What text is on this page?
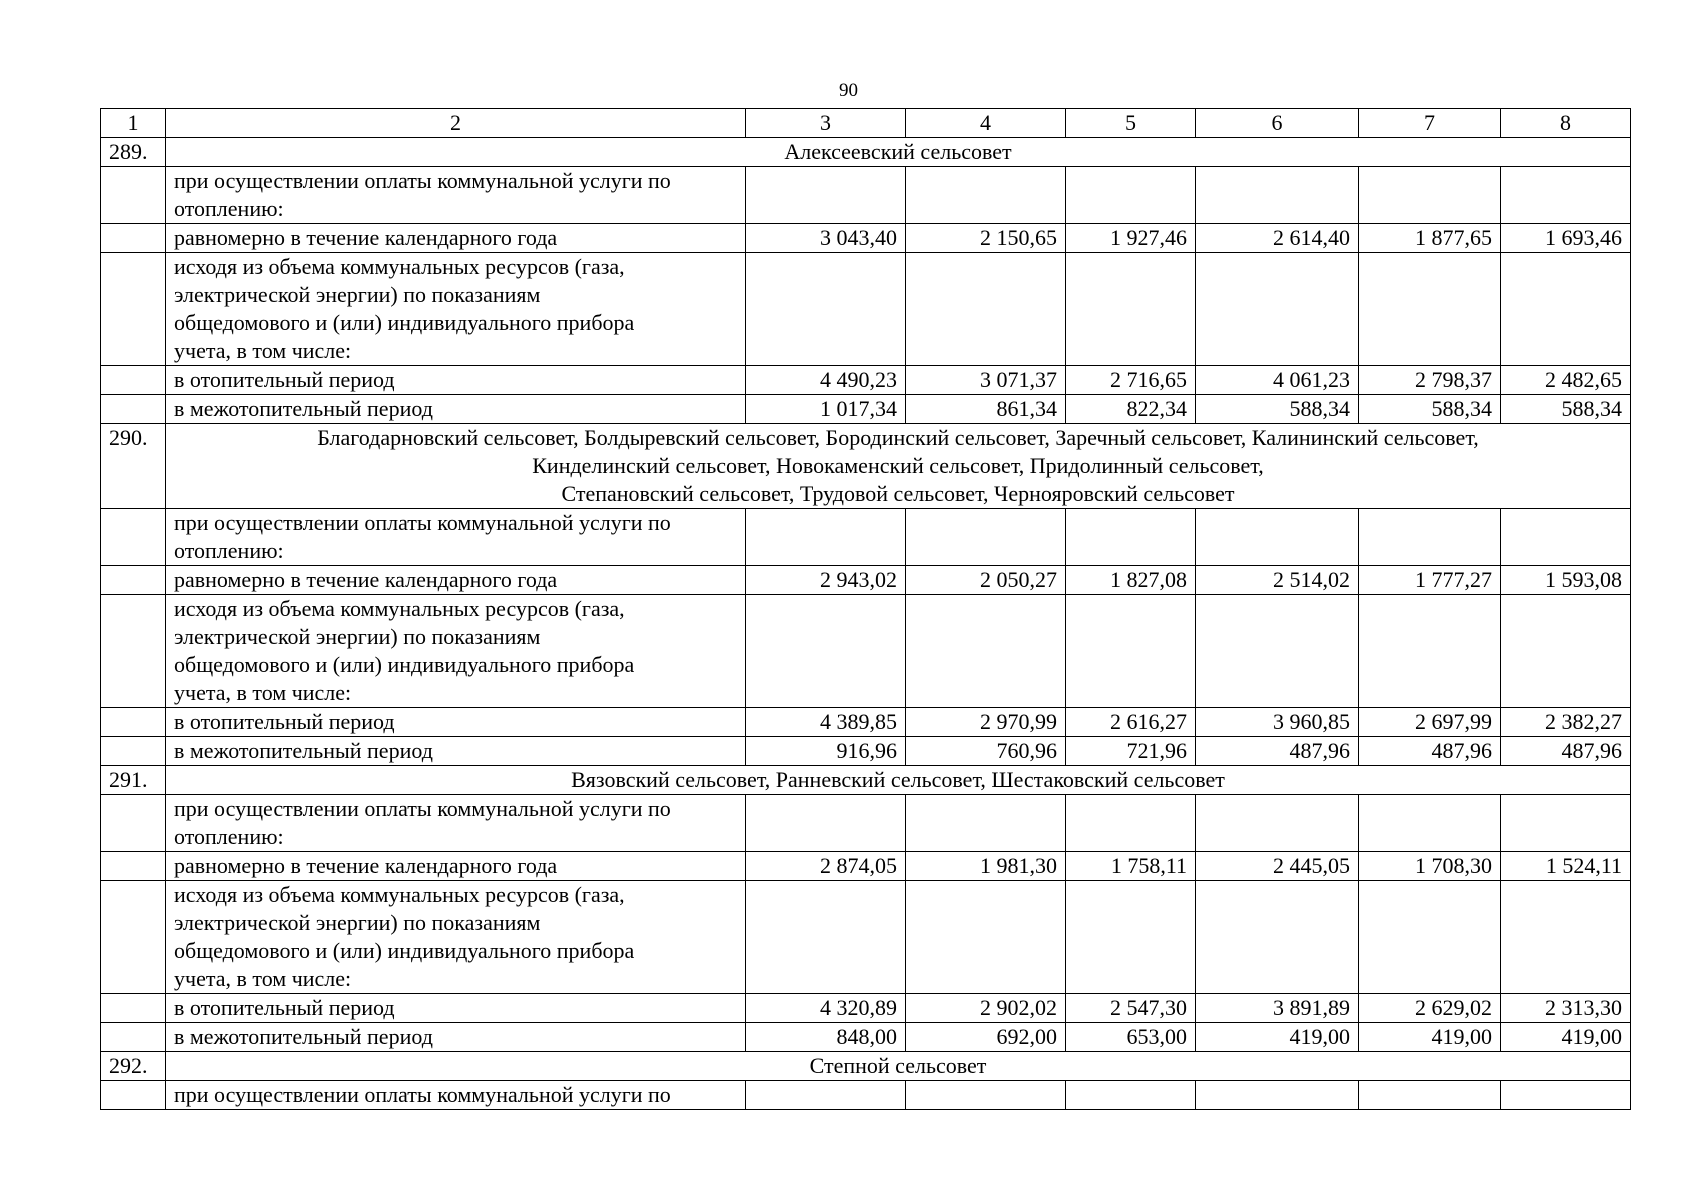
90
1	2	3	4	5	6	7	8
289.	Алексеевский сельсовет						

	при осуществлении оплаты коммунальной услуги по
отоплению:						

	равномерно в течение календарного года	3 043,40	2 150,65	1 927,46	2 614,40	1 877,65	1 693,46

	исходя из объема коммунальных ресурсов (газа,
электрической энергии) по показаниям
общедомового и (или) индивидуального прибора
учета, в том числе:						

	в отопительный период	4 490,23	3 071,37	2 716,65	4 061,23	2 798,37	2 482,65

	в межотопительный период	1 017,34	861,34	822,34	588,34	588,34	588,34
290.	Благодарновский сельсовет, Болдыревский сельсовет, Бородинский сельсовет, Заречный сельсовет, Калининский сельсовет,
Кинделинский сельсовет, Новокаменский сельсовет, Придолинный сельсовет,
Степановский сельсовет, Трудовой сельсовет, Чернояровский сельсовет						

	при осуществлении оплаты коммунальной услуги по
отоплению:						

	равномерно в течение календарного года	2 943,02	2 050,27	1 827,08	2 514,02	1 777,27	1 593,08

	исходя из объема коммунальных ресурсов (газа,
электрической энергии) по показаниям
общедомового и (или) индивидуального прибора
учета, в том числе:						

	в отопительный период	4 389,85	2 970,99	2 616,27	3 960,85	2 697,99	2 382,27

	в межотопительный период	916,96	760,96	721,96	487,96	487,96	487,96
291.	Вязовский сельсовет, Ранневский сельсовет, Шестаковский сельсовет						

	при осуществлении оплаты коммунальной услуги по
отоплению:						

	равномерно в течение календарного года	2 874,05	1 981,30	1 758,11	2 445,05	1 708,30	1 524,11

	исходя из объема коммунальных ресурсов (газа,
электрической энергии) по показаниям
общедомового и (или) индивидуального прибора
учета, в том числе:						

	в отопительный период	4 320,89	2 902,02	2 547,30	3 891,89	2 629,02	2 313,30

	в межотопительный период	848,00	692,00	653,00	419,00	419,00	419,00
292.	Степной сельсовет						

	при осуществлении оплаты коммунальной услуги по						
